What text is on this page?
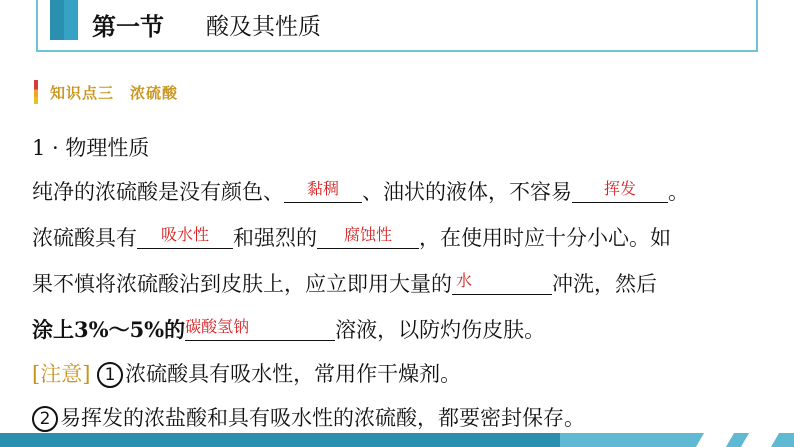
第一节 酸及其性质
知识点三　浓硫酸
1 · 物理性质
纯净的浓硫酸是没有颜色、	黏稠	、油状的液体，不容易	挥发	。
浓硫酸具有	吸水性	和强烈的	腐蚀性	，在使用时应十分小心。如
果不慎将浓硫酸沾到皮肤上，应立即用大量的 水	冲洗，然后
涂上3%～5%的 碳酸氢钠	溶液，以防灼伤皮肤。
[注意] 1 浓硫酸具有吸水性，常用作干燥剂。
2 易挥发的浓盐酸和具有吸水性的浓硫酸，都要密封保存。
